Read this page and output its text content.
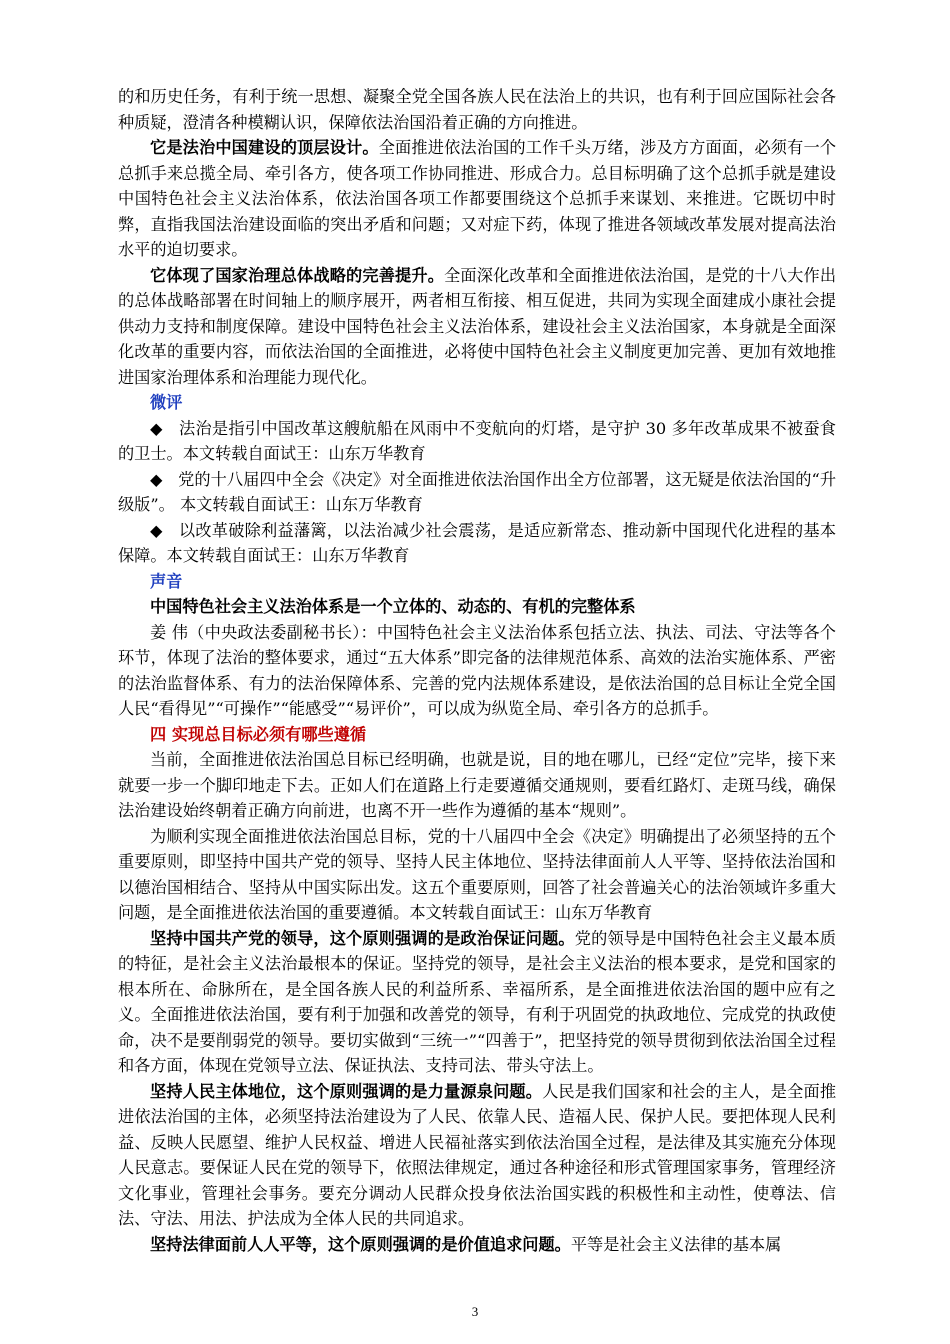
的和历史任务，有利于统一思想、凝聚全党全国各族人民在法治上的共识，也有利于回应国际社会各种质疑，澄清各种模糊认识，保障依法治国沿着正确的方向推进。

它是法治中国建设的顶层设计。全面推进依法治国的工作千头万绪，涉及方方面面，必须有一个总抓手来总揽全局、牵引各方，使各项工作协同推进、形成合力。总目标明确了这个总抓手就是建设中国特色社会主义法治体系，依法治国各项工作都要围绕这个总抓手来谋划、来推进。它既切中时弊，直指我国法治建设面临的突出矛盾和问题；又对症下药，体现了推进各领域改革发展对提高法治水平的迫切要求。

它体现了国家治理总体战略的完善提升。全面深化改革和全面推进依法治国，是党的十八大作出的总体战略部署在时间轴上的顺序展开，两者相互衔接、相互促进，共同为实现全面建成小康社会提供动力支持和制度保障。建设中国特色社会主义法治体系，建设社会主义法治国家，本身就是全面深化改革的重要内容，而依法治国的全面推进，必将使中国特色社会主义制度更加完善、更加有效地推进国家治理体系和治理能力现代化。

微评

◆ 法治是指引中国改革这艘航船在风雨中不变航向的灯塔，是守护 30 多年改革成果不被蚕食的卫士。本文转载自面试王：山东万华教育

◆ 党的十八届四中全会《决定》对全面推进依法治国作出全方位部署，这无疑是依法治国的“升级版”。 本文转载自面试王：山东万华教育

◆ 以改革破除利益藩篱，以法治减少社会震荡，是适应新常态、推动新中国现代化进程的基本保障。本文转载自面试王：山东万华教育

声音

中国特色社会主义法治体系是一个立体的、动态的、有机的完整体系

姜 伟（中央政法委副秘书长）：中国特色社会主义法治体系包括立法、执法、司法、守法等各个环节，体现了法治的整体要求，通过“五大体系”即完备的法律规范体系、高效的法治实施体系、严密的法治监督体系、有力的法治保障体系、完善的党内法规体系建设，是依法治国的总目标让全党全国人民“看得见”“可操作”“能感受”“易评价”，可以成为纵览全局、牵引各方的总抓手。

四 实现总目标必须有哪些遵循

当前，全面推进依法治国总目标已经明确，也就是说，目的地在哪儿，已经“定位”完毕，接下来就要一步一个脚印地走下去。正如人们在道路上行走要遵循交通规则，要看红路灯、走斑马线，确保法治建设始终朝着正确方向前进，也离不开一些作为遵循的基本“规则”。

为顺利实现全面推进依法治国总目标，党的十八届四中全会《决定》明确提出了必须坚持的五个重要原则，即坚持中国共产党的领导、坚持人民主体地位、坚持法律面前人人平等、坚持依法治国和以德治国相结合、坚持从中国实际出发。这五个重要原则，回答了社会普遍关心的法治领域许多重大问题，是全面推进依法治国的重要遵循。本文转载自面试王：山东万华教育

坚持中国共产党的领导，这个原则强调的是政治保证问题。党的领导是中国特色社会主义最本质的特征，是社会主义法治最根本的保证。坚持党的领导，是社会主义法治的根本要求，是党和国家的根本所在、命脉所在，是全国各族人民的利益所系、幸福所系，是全面推进依法治国的题中应有之义。全面推进依法治国，要有利于加强和改善党的领导，有利于巩固党的执政地位、完成党的执政使命，决不是要削弱党的领导。要切实做到“三统一”“四善于”，把坚持党的领导贯彻到依法治国全过程和各方面，体现在党领导立法、保证执法、支持司法、带头守法上。

坚持人民主体地位，这个原则强调的是力量源泉问题。人民是我们国家和社会的主人，是全面推进依法治国的主体，必须坚持法治建设为了人民、依靠人民、造福人民、保护人民。要把体现人民利益、反映人民愿望、维护人民权益、增进人民福祉落实到依法治国全过程，是法律及其实施充分体现人民意志。要保证人民在党的领导下，依照法律规定，通过各种途径和形式管理国家事务，管理经济文化事业，管理社会事务。要充分调动人民群众投身依法治国实践的积极性和主动性，使尊法、信法、守法、用法、护法成为全体人民的共同追求。

坚持法律面前人人平等，这个原则强调的是价值追求问题。平等是社会主义法律的基本属

3
